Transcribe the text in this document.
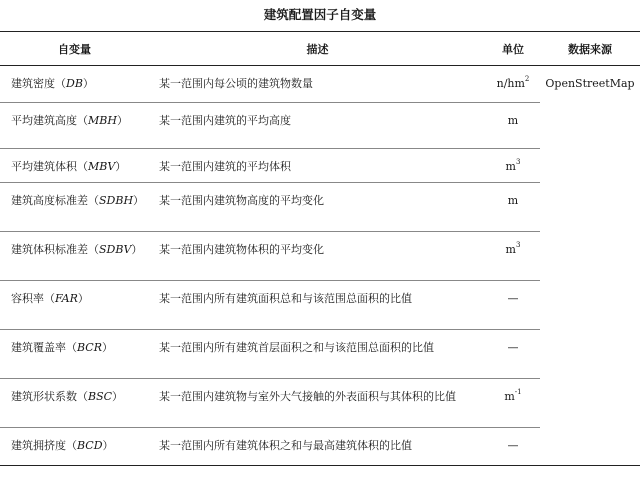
建筑配置因子自变量
自变量	描述	单位	数据来源
建筑密度（DB）	某一范围内每公顷的建筑物数量	$n/hm^2$	OpenStreetMap
平均建筑高度（MBH）	某一范围内建筑的平均高度	m	
平均建筑体积（MBV）	某一范围内建筑的平均体积	$m^3$
建筑高度标准差（SDBH）	某一范围内建筑物高度的平均变化	m	
建筑体积标准差（SDBV）	某一范围内建筑物体积的平均变化	$m^3$
容积率（FAR）	某一范围内所有建筑面积总和与该范围总面积的比值	—	
建筑覆盖率（BCR）	某一范围内所有建筑首层面积之和与该范围总面积的比值	—	
建筑形状系数（BSC）	某一范围内建筑物与室外大气接触的外表面积与其体积的比值	$m^{-1}$
建筑拥挤度（BCD）	某一范围内所有建筑体积之和与最高建筑体积的比值	—	
